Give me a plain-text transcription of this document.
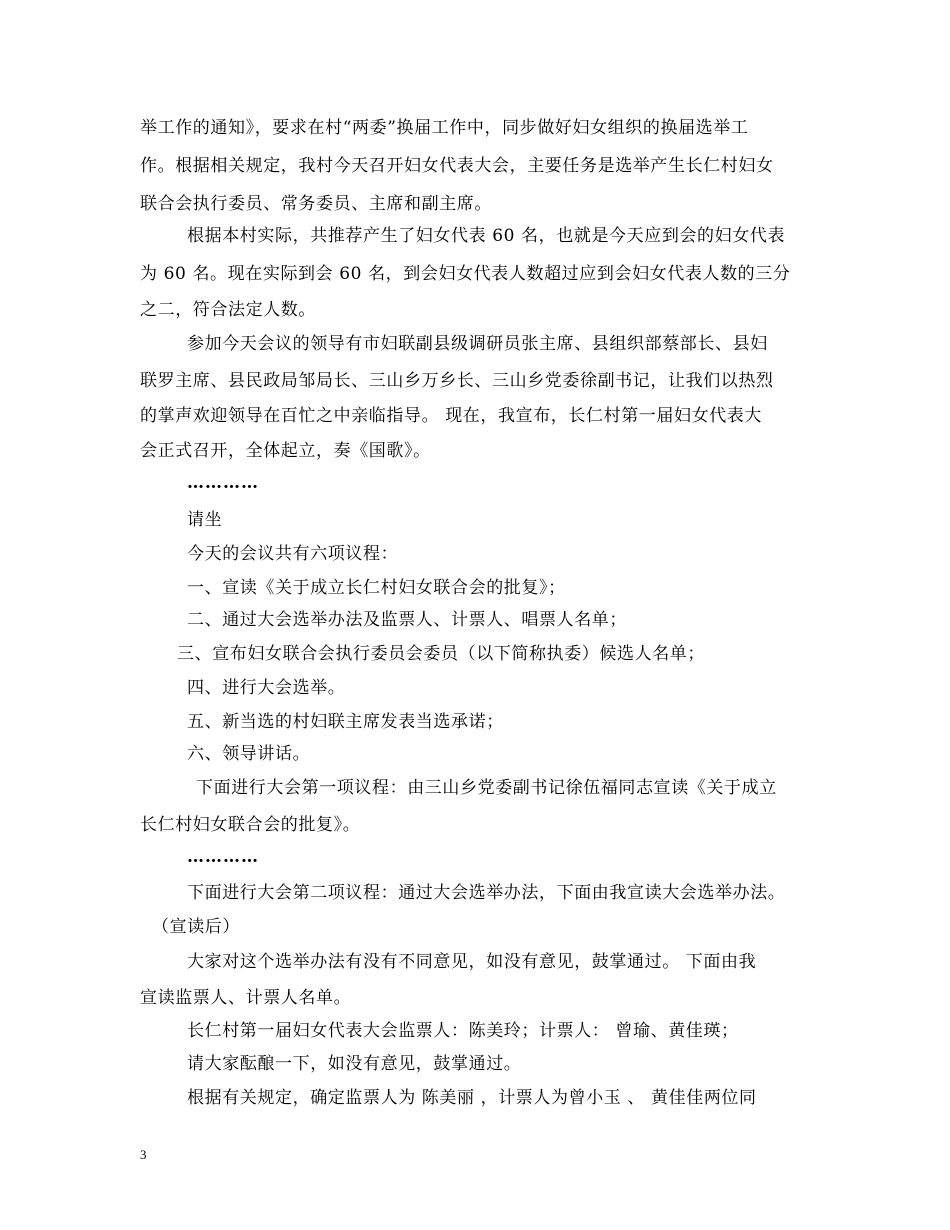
举工作的通知》，要求在村“两委”换届工作中，同步做好妇女组织的换届选举工
作。根据相关规定，我村今天召开妇女代表大会，主要任务是选举产生长仁村妇女
联合会执行委员、常务委员、主席和副主席。
根据本村实际，共推荐产生了妇女代表 60 名，也就是今天应到会的妇女代表
为 60 名。现在实际到会 60 名，到会妇女代表人数超过应到会妇女代表人数的三分
之二，符合法定人数。
参加今天会议的领导有市妇联副县级调研员张主席、县组织部蔡部长、县妇
联罗主席、县民政局邹局长、三山乡万乡长、三山乡党委徐副书记，让我们以热烈
的掌声欢迎领导在百忙之中亲临指导。 现在，我宣布，长仁村第一届妇女代表大
会正式召开，全体起立，奏《国歌》。
…………
请坐
今天的会议共有六项议程：
一、宣读《关于成立长仁村妇女联合会的批复》；
二、通过大会选举办法及监票人、计票人、唱票人名单；
三、宣布妇女联合会执行委员会委员（以下简称执委）候选人名单；
四、进行大会选举。
五、新当选的村妇联主席发表当选承诺；
六、领导讲话。
下面进行大会第一项议程：由三山乡党委副书记徐伍福同志宣读《关于成立
长仁村妇女联合会的批复》。
…………
下面进行大会第二项议程：通过大会选举办法，下面由我宣读大会选举办法。
（宣读后）
大家对这个选举办法有没有不同意见，如没有意见，鼓掌通过。 下面由我
宣读监票人、计票人名单。
长仁村第一届妇女代表大会监票人：陈美玲；计票人： 曾瑜、黄佳瑛；
请大家酝酿一下，如没有意见，鼓掌通过。
根据有关规定，确定监票人为 陈美丽 ，计票人为曾小玉 、 黄佳佳两位同
3
